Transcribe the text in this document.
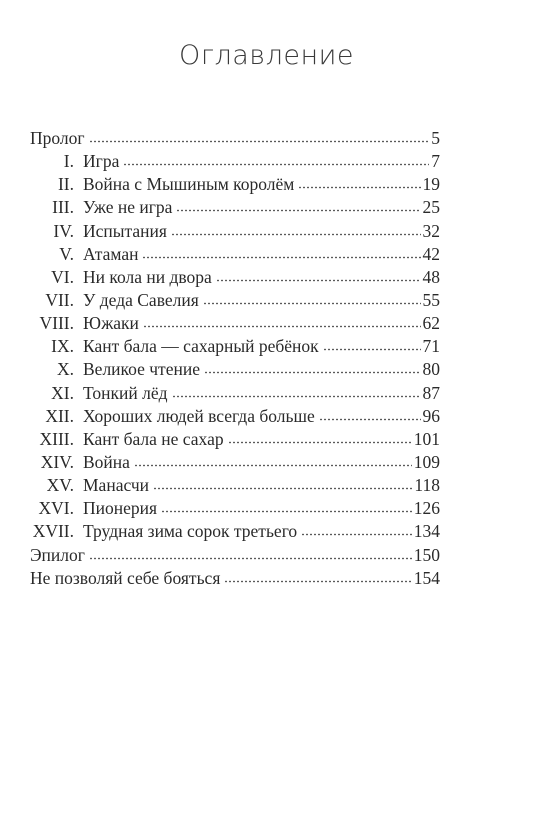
Оглавление
Пролог	5
I. Игра	7
II. Война с Мышиным королём	19
III. Уже не игра	25
IV. Испытания	32
V. Атаман	42
VI. Ни кола ни двора	48
VII. У деда Савелия	55
VIII. Южаки	62
IX. Кант бала — сахарный ребёнок	71
X. Великое чтение	80
XI. Тонкий лёд	87
XII. Хороших людей всегда больше	96
XIII. Кант бала не сахар	101
XIV. Война	109
XV. Манасчи	118
XVI. Пионерия	126
XVII. Трудная зима сорок третьего	134
Эпилог	150
Не позволяй себе бояться	154
